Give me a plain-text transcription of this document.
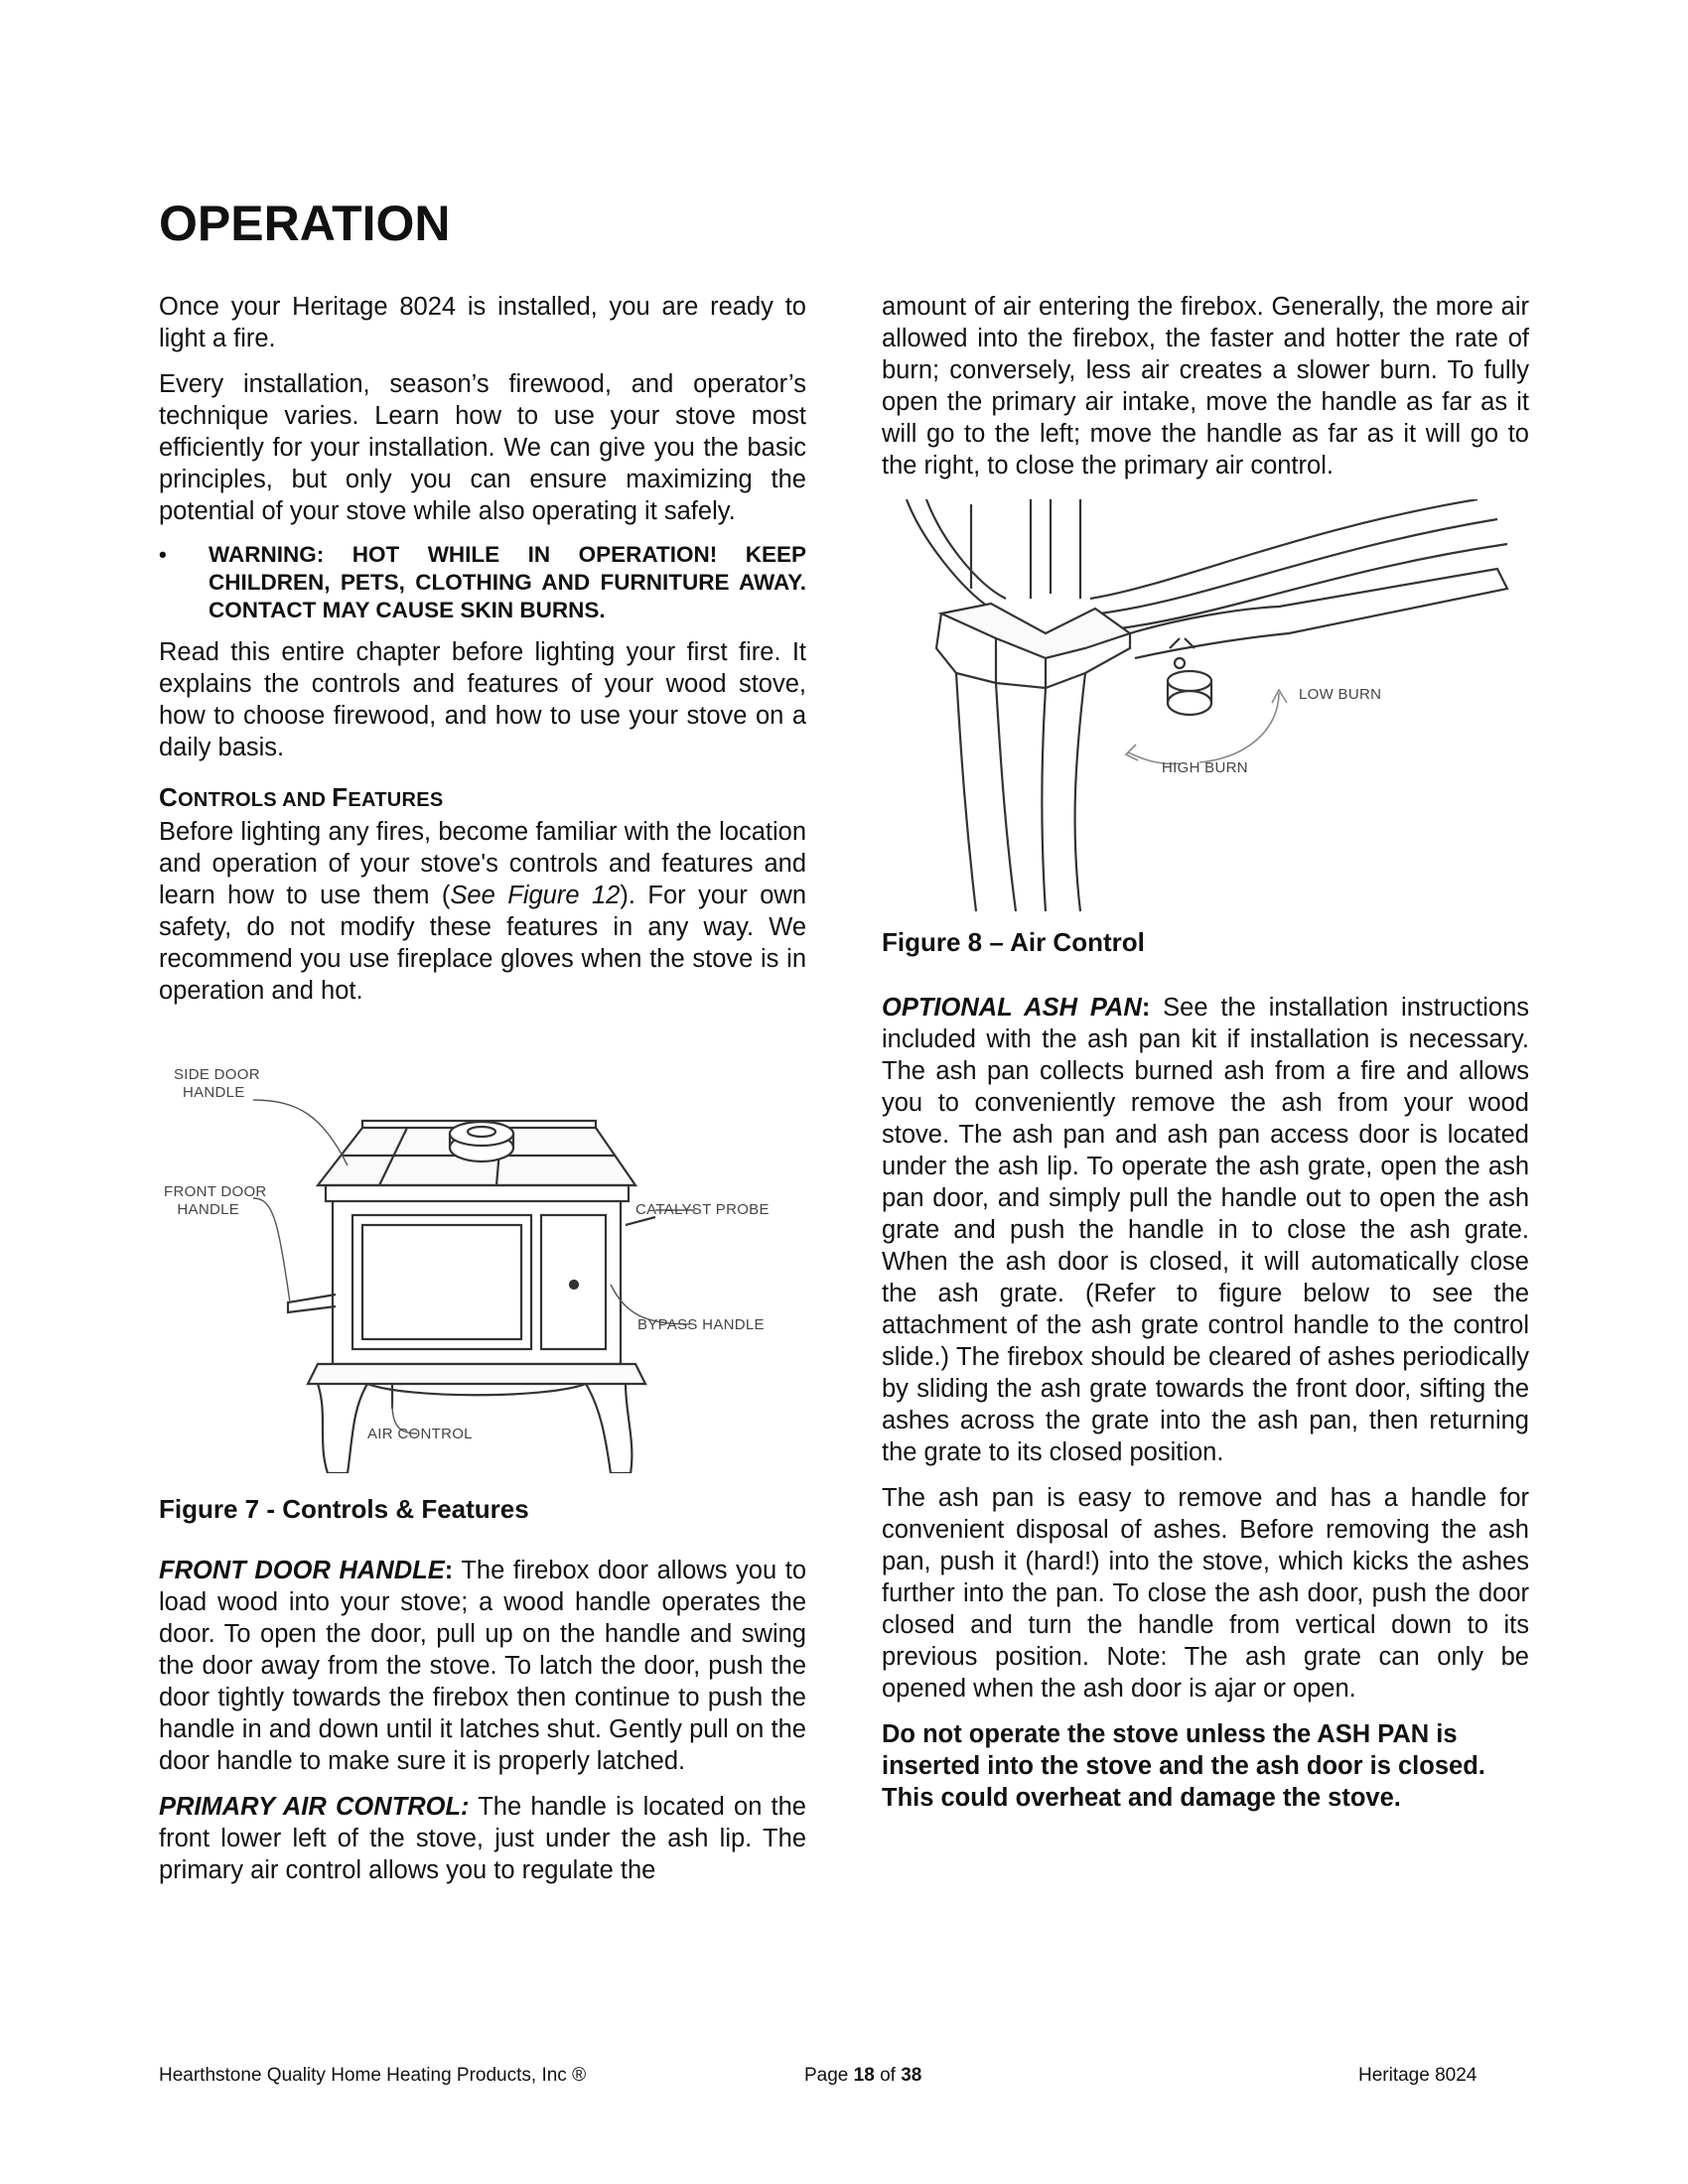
OPERATION

Once your Heritage 8024 is installed, you are ready to light a fire.

Every installation, season’s firewood, and operator’s technique varies. Learn how to use your stove most efficiently for your installation. We can give you the basic principles, but only you can ensure maximizing the potential of your stove while also operating it safely.

•	WARNING: HOT WHILE IN OPERATION! KEEP CHILDREN, PETS, CLOTHING AND FURNITURE AWAY. CONTACT MAY CAUSE SKIN BURNS.

Read this entire chapter before lighting your first fire. It explains the controls and features of your wood stove, how to choose firewood, and how to use your stove on a daily basis.

CONTROLS AND FEATURES

Before lighting any fires, become familiar with the location and operation of your stove's controls and features and learn how to use them (See Figure 12). For your own safety, do not modify these features in any way. We recommend you use fireplace gloves when the stove is in operation and hot.

SIDE DOOR
HANDLE
FRONT DOOR
HANDLE	CATALYST PROBE
BYPASS HANDLE
AIR CONTROL

Figure 7 - Controls & Features

FRONT DOOR HANDLE: The firebox door allows you to load wood into your stove; a wood handle operates the door. To open the door, pull up on the handle and swing the door away from the stove. To latch the door, push the door tightly towards the firebox then continue to push the handle in and down until it latches shut. Gently pull on the door handle to make sure it is properly latched.

PRIMARY AIR CONTROL: The handle is located on the front lower left of the stove, just under the ash lip. The primary air control allows you to regulate the

amount of air entering the firebox. Generally, the more air allowed into the firebox, the faster and hotter the rate of burn; conversely, less air creates a slower burn. To fully open the primary air intake, move the handle as far as it will go to the left; move the handle as far as it will go to the right, to close the primary air control.

LOW BURN
HIGH BURN

Figure 8 – Air Control

OPTIONAL ASH PAN: See the installation instructions included with the ash pan kit if installation is necessary. The ash pan collects burned ash from a fire and allows you to conveniently remove the ash from your wood stove. The ash pan and ash pan access door is located under the ash lip. To operate the ash grate, open the ash pan door, and simply pull the handle out to open the ash grate and push the handle in to close the ash grate. When the ash door is closed, it will automatically close the ash grate. (Refer to figure below to see the attachment of the ash grate control handle to the control slide.) The firebox should be cleared of ashes periodically by sliding the ash grate towards the front door, sifting the ashes across the grate into the ash pan, then returning the grate to its closed position.

The ash pan is easy to remove and has a handle for convenient disposal of ashes. Before removing the ash pan, push it (hard!) into the stove, which kicks the ashes further into the pan. To close the ash door, push the door closed and turn the handle from vertical down to its previous position. Note: The ash grate can only be opened when the ash door is ajar or open.

Do not operate the stove unless the ASH PAN is inserted into the stove and the ash door is closed. This could overheat and damage the stove.

Hearthstone Quality Home Heating Products, Inc ®	Page 18 of 38	Heritage 8024
